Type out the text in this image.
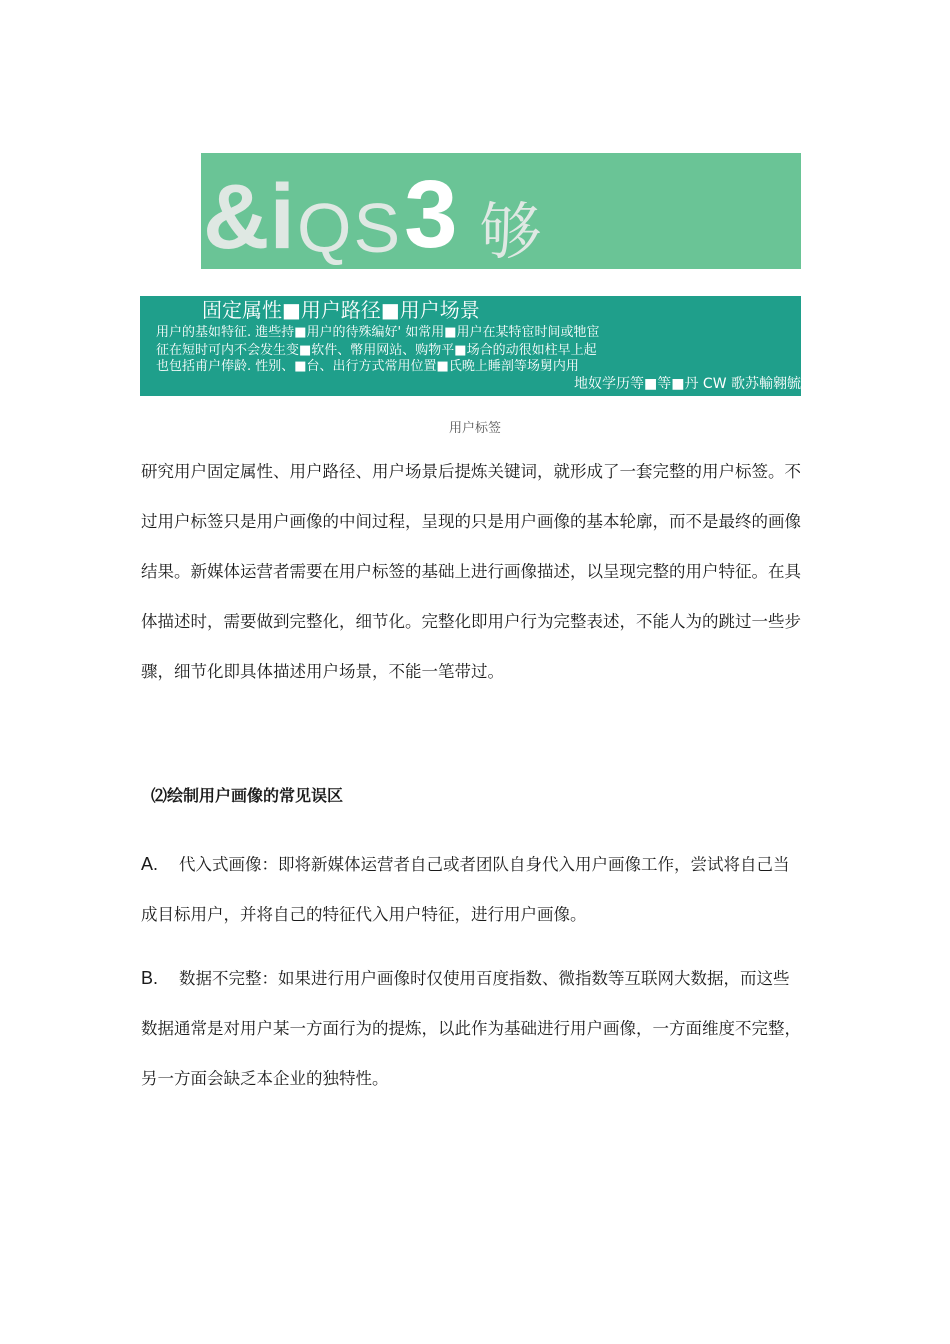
&i QS 3 够
固定属性■用户路径■用户场景
用户的基如特征. 進些持■用户的待殊编好' 如常用■用户在某特宦时间或牠宦
征在短时可内不会发生变■软件、幣用网站、购物平■场合的动很如柱早上起
也包括甫户俸龄. 性别、■台、出行方式常用位置■氏晩上睡剖等场舅内用
地奴学历等■等■丹 CW 歌苏輸翱毓
用户标签

研究用户固定属性、用户路径、用户场景后提炼关键词，就形成了一套完整的用户标签。不过用户标签只是用户画像的中间过程，呈现的只是用户画像的基本轮廓，而不是最终的画像结果。新媒体运营者需要在用户标签的基础上进行画像描述，以呈现完整的用户特征。在具体描述时，需要做到完整化，细节化。完整化即用户行为完整表述，不能人为的跳过一些步骤，细节化即具体描述用户场景，不能一笔带过。

⑵绘制用户画像的常见误区

A. 代入式画像：即将新媒体运营者自己或者团队自身代入用户画像工作，尝试将自己当成目标用户，并将自己的特征代入用户特征，进行用户画像。

B. 数据不完整：如果进行用户画像时仅使用百度指数、微指数等互联网大数据，而这些数据通常是对用户某一方面行为的提炼，以此作为基础进行用户画像，一方面维度不完整，另一方面会缺乏本企业的独特性。
